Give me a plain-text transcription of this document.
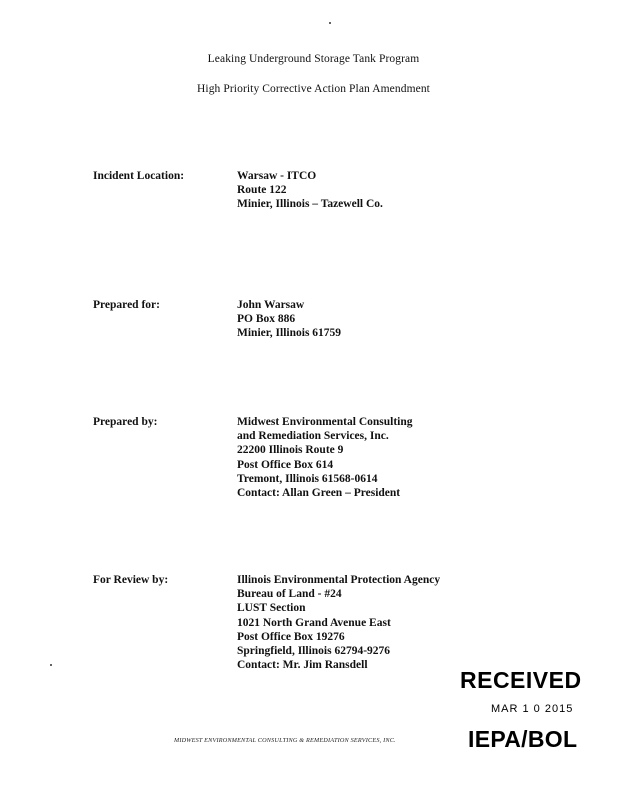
Leaking Underground Storage Tank Program
High Priority Corrective Action Plan Amendment
Incident Location:	Warsaw - ITCO
Route 122
Minier, Illinois – Tazewell Co.
Prepared for:	John Warsaw
PO Box 886
Minier, Illinois 61759
Prepared by:	Midwest Environmental Consulting
and Remediation Services, Inc.
22200 Illinois Route 9
Post Office Box 614
Tremont, Illinois 61568-0614
Contact: Allan Green – President
For Review by:	Illinois Environmental Protection Agency
Bureau of Land - #24
LUST Section
1021 North Grand Avenue East
Post Office Box 19276
Springfield, Illinois 62794-9276
Contact: Mr. Jim Ransdell
RECEIVED
MAR 1 0 2015
IEPA/BOL
MIDWEST ENVIRONMENTAL CONSULTING & REMEDIATION SERVICES, INC.
